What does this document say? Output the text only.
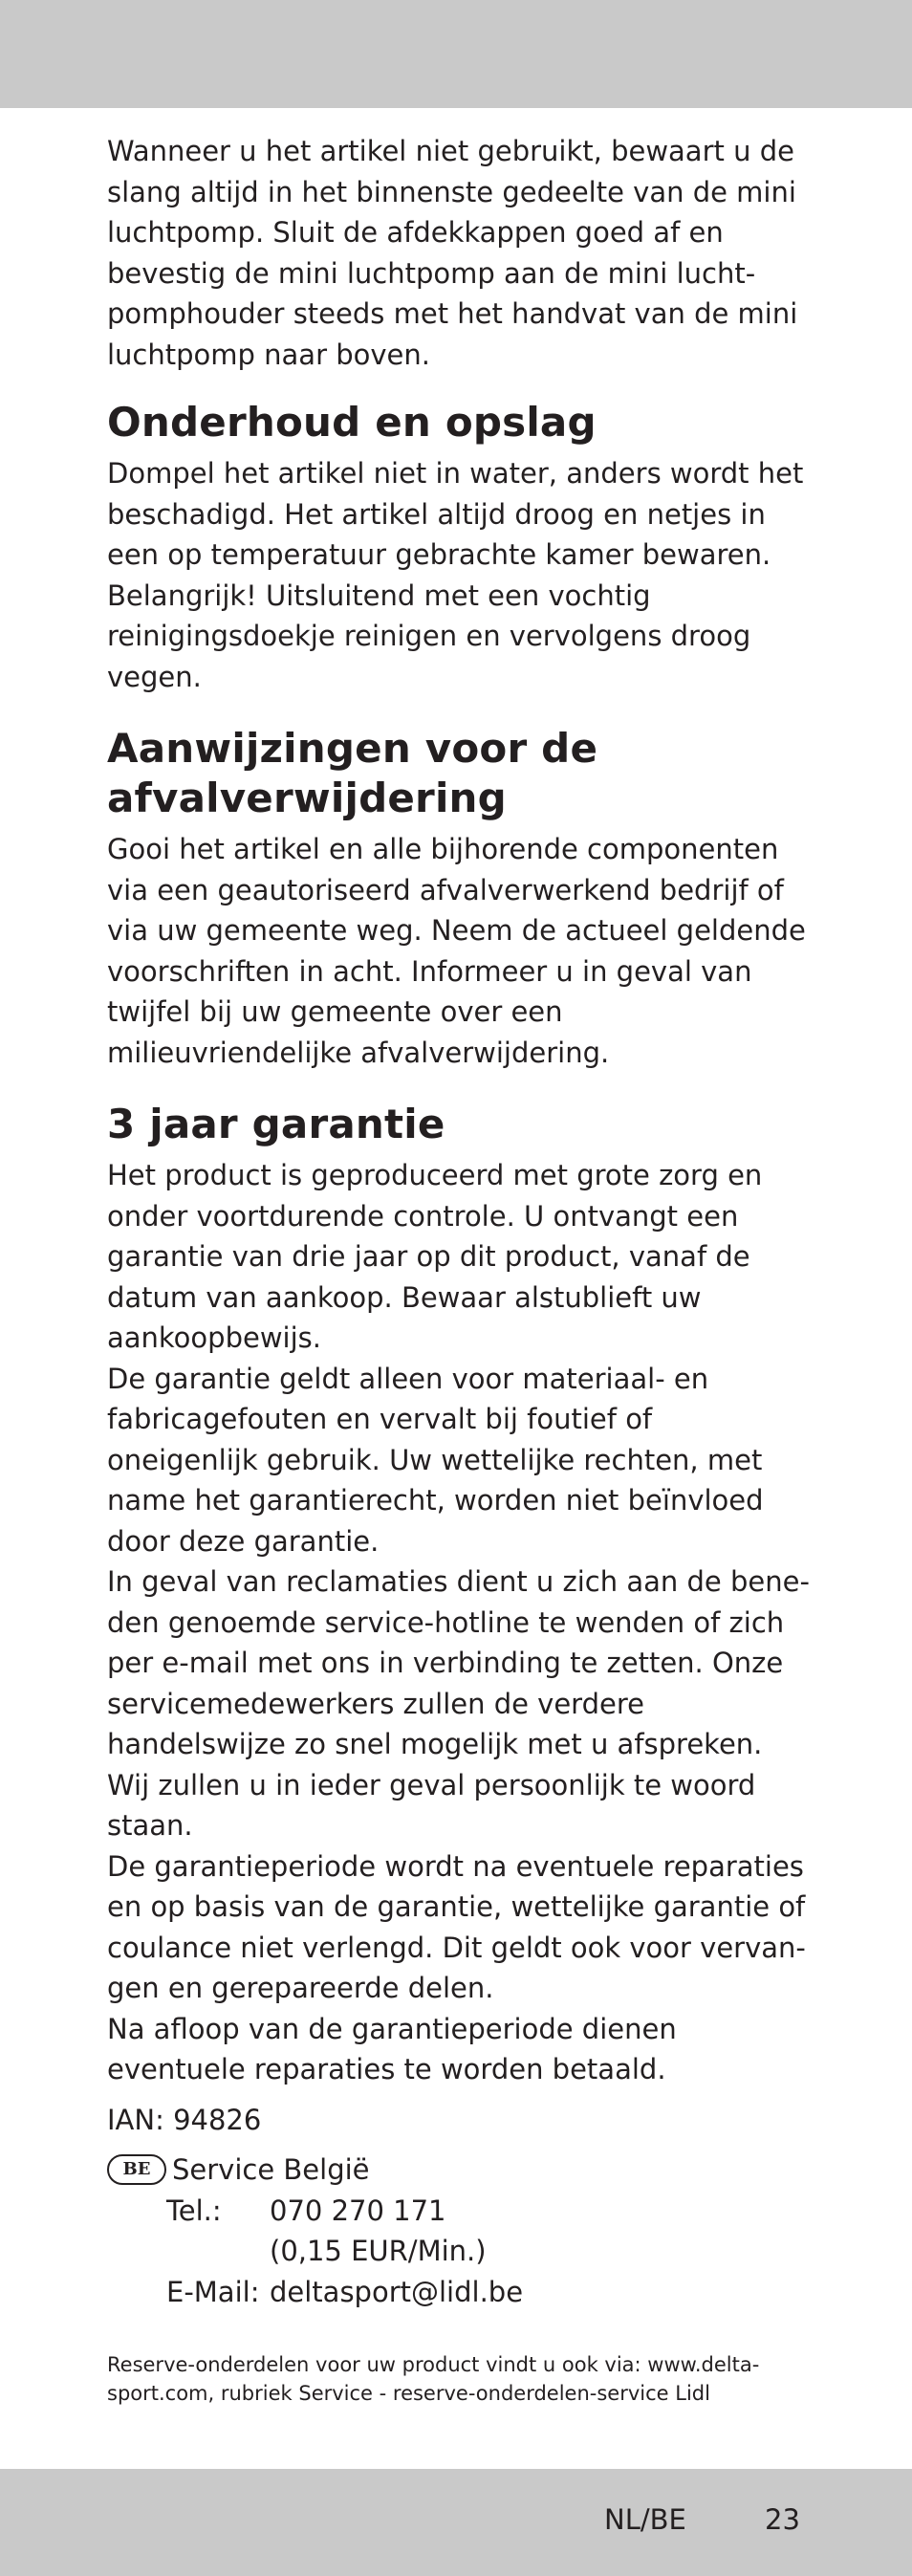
Wanneer u het artikel niet gebruikt, bewaart u de slang altijd in het binnenste gedeelte van de mini luchtpomp. Sluit de afdekkappen goed af en bevestig de mini luchtpomp aan de mini luchtpomphouder steeds met het handvat van de mini luchtpomp naar boven.

Onderhoud en opslag

Dompel het artikel niet in water, anders wordt het beschadigd. Het artikel altijd droog en netjes in een op temperatuur gebrachte kamer bewaren. Belangrijk! Uitsluitend met een vochtig reinigingsdoekje reinigen en vervolgens droog vegen.

Aanwijzingen voor de afvalverwijdering

Gooi het artikel en alle bijhorende componenten via een geautoriseerd afvalverwerkend bedrijf of via uw gemeente weg. Neem de actueel geldende voorschriften in acht. Informeer u in geval van twijfel bij uw gemeente over een milieuvriendelijke afvalverwijdering.

3 jaar garantie

Het product is geproduceerd met grote zorg en onder voortdurende controle. U ontvangt een garantie van drie jaar op dit product, vanaf de datum van aankoop. Bewaar alstublieft uw aankoopbewijs.

De garantie geldt alleen voor materiaal- en fabricagefouten en vervalt bij foutief of oneigenlijk gebruik. Uw wettelijke rechten, met name het garantierecht, worden niet beïnvloed door deze garantie.

In geval van reclamaties dient u zich aan de beneden genoemde service-hotline te wenden of zich per e-mail met ons in verbinding te zetten. Onze servicemedewerkers zullen de verdere handelswijze zo snel mogelijk met u afspreken. Wij zullen u in ieder geval persoonlijk te woord staan.

De garantieperiode wordt na eventuele reparaties en op basis van de garantie, wettelijke garantie of coulance niet verlengd. Dit geldt ook voor vervangen en gerepareerde delen.

Na afloop van de garantieperiode dienen eventuele reparaties te worden betaald.

IAN: 94826

BE Service België
Tel.:	070 270 171
(0,15 EUR/Min.)
E-Mail: deltasport@lidl.be

Reserve-onderdelen voor uw product vindt u ook via: www.delta-sport.com, rubriek Service - reserve-onderdelen-service Lidl

NL/BE	23
